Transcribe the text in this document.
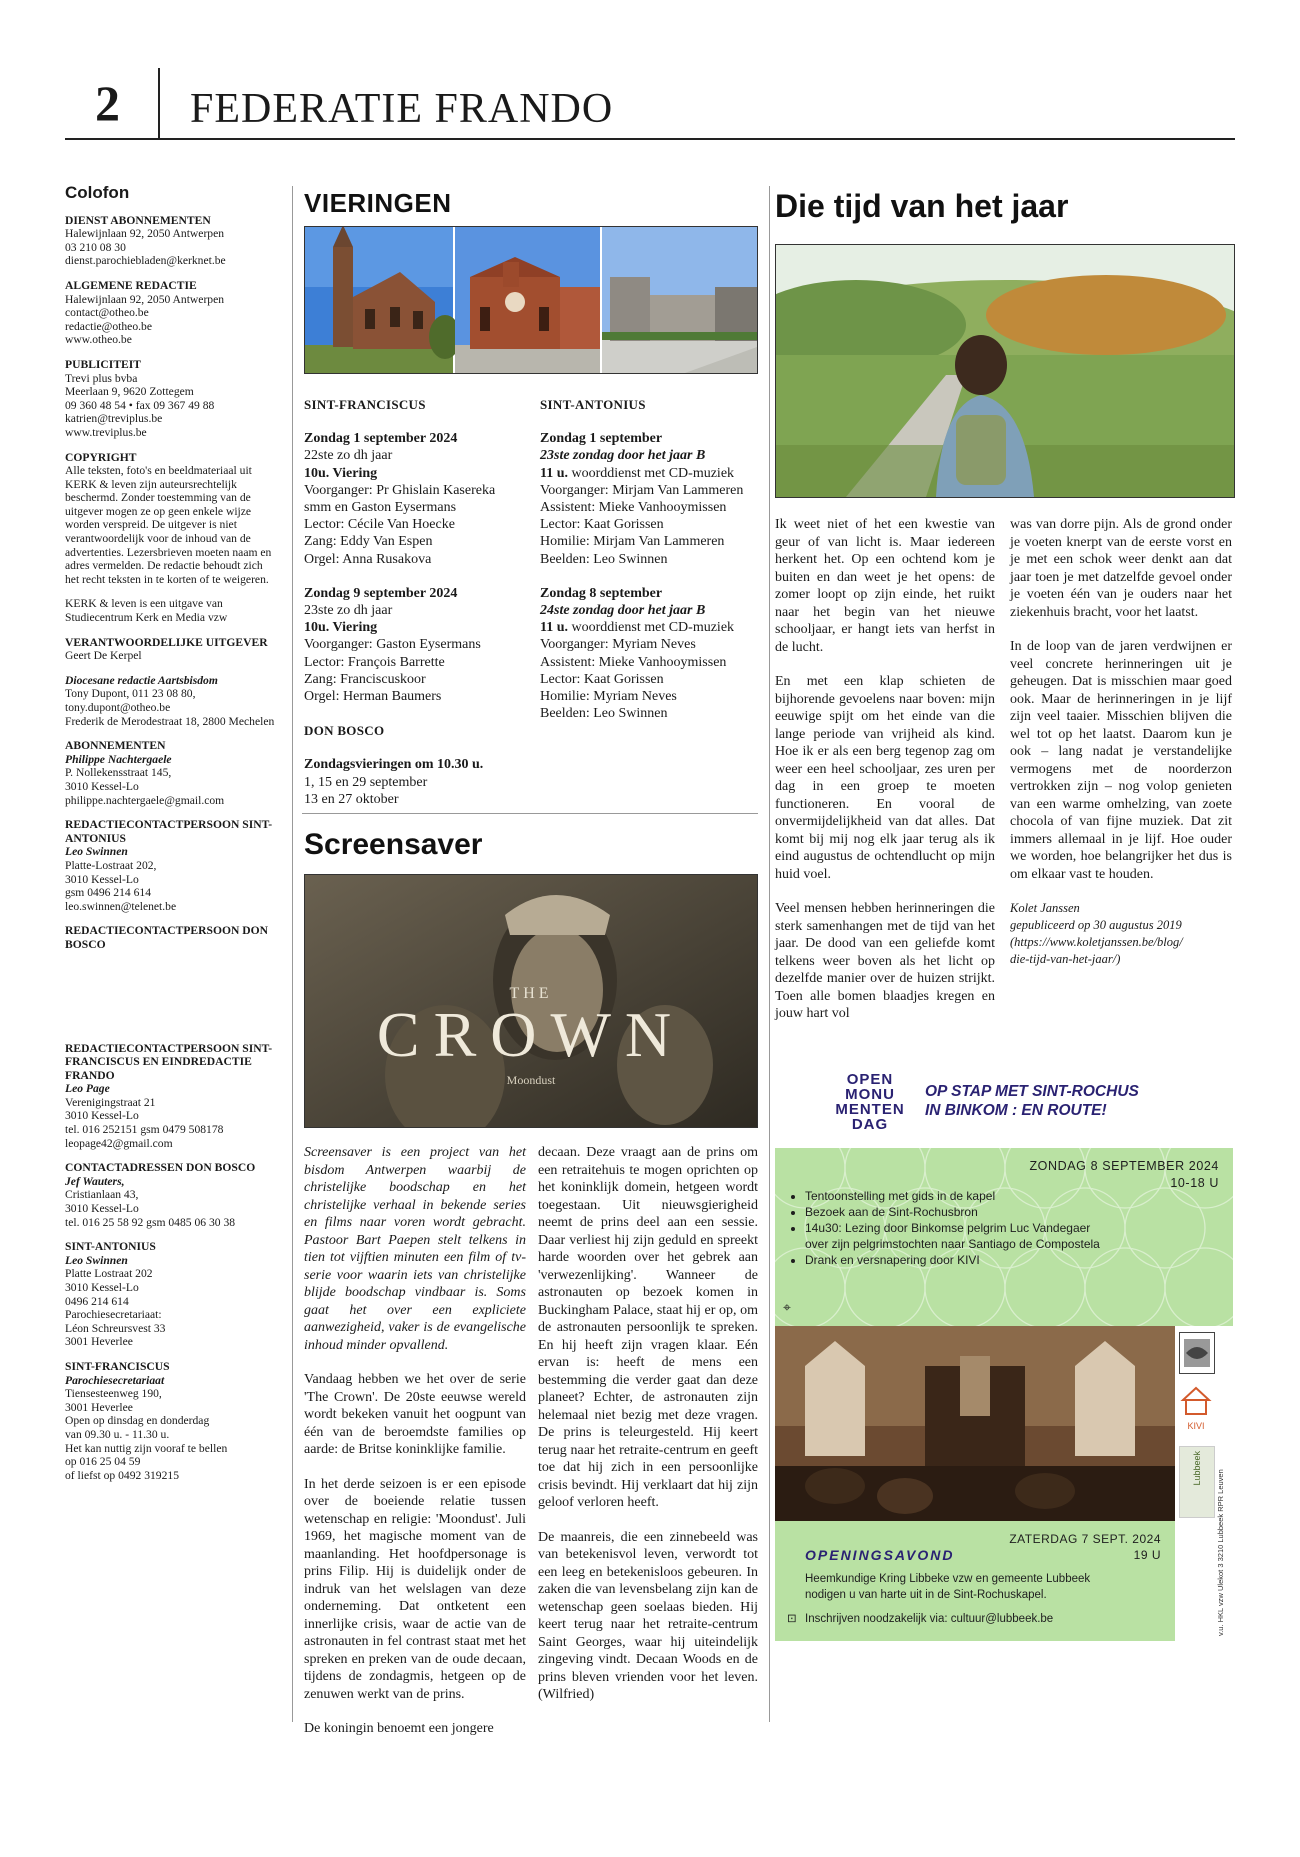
2 FEDERATIE FRANDO
Colofon
DIENST ABONNEMENTEN
Halewijnlaan 92, 2050 Antwerpen
03 210 08 30
dienst.parochiebladen@kerknet.be
ALGEMENE REDACTIE
Halewijnlaan 92, 2050 Antwerpen
contact@otheo.be
redactie@otheo.be
www.otheo.be
PUBLICITEIT
Trevi plus bvba
Meerlaan 9, 9620 Zottegem
09 360 48 54 • fax 09 367 49 88
katrien@treviplus.be
www.treviplus.be
COPYRIGHT
Alle teksten, foto's en beeldmateriaal uit
KERK & leven zijn auteursrechtelijk
beschermd. Zonder toestemming van de
uitgever mogen ze op geen enkele wijze
worden verspreid. De uitgever is niet
verantwoordelijk voor de inhoud van de
advertenties. Lezersbrieven moeten naam en
adres vermelden. De redactie behoudt zich
het recht teksten in te korten of te weigeren.
KERK & leven is een uitgave van
Studiecentrum Kerk en Media vzw
VERANTWOORDELIJKE UITGEVER
Geert De Kerpel
Diocesane redactie Aartsbisdom
Tony Dupont, 011 23 08 80,
tony.dupont@otheo.be
Frederik de Merodestraat 18, 2800 Mechelen
ABONNEMENTEN
Philippe Nachtergaele
P. Nollekensstraat 145,
3010 Kessel-Lo
philippe.nachtergaele@gmail.com
REDACTIECONTACTPERSOON SINT-ANTONIUS
Leo Swinnen
Platte-Lostraat 202,
3010 Kessel-Lo
gsm 0496 214 614
leo.swinnen@telenet.be
REDACTIECONTACTPERSOON DON BOSCO
REDACTIECONTACTPERSOON SINT-FRANCISCUS EN EINDREDACTIE FRANDO
Leo Page
Verenigingstraat 21
3010 Kessel-Lo
tel. 016 252151 gsm 0479 508178
leopage42@gmail.com
CONTACTADRESSEN DON BOSCO
Jef Wauters,
Cristianlaan 43,
3010 Kessel-Lo
tel. 016 25 58 92 gsm 0485 06 30 38
SINT-ANTONIUS
Leo Swinnen
Platte Lostraat 202
3010 Kessel-Lo
0496 214 614
Parochiesecretariaat:
Léon Schreursvest 33
3001 Heverlee
SINT-FRANCISCUS
Parochiesecretariaat
Tiensesteenweg 190,
3001 Heverlee
Open op dinsdag en donderdag
van 09.30 u. - 11.30 u.
Het kan nuttig zijn vooraf te bellen
op 016 25 04 59
of liefst op 0492 319215
VIERINGEN
SINT-FRANCISCUS
Zondag 1 september 2024
22ste zo dh jaar
10u. Viering
Voorganger: Pr Ghislain Kasereka
smm en Gaston Eysermans
Lector: Cécile Van Hoecke
Zang: Eddy Van Espen
Orgel: Anna Rusakova
Zondag 9 september 2024
23ste zo dh jaar
10u. Viering
Voorganger: Gaston Eysermans
Lector: François Barrette
Zang: Franciscuskoor
Orgel: Herman Baumers
DON BOSCO
Zondagsvieringen om 10.30 u.
1, 15 en 29 september
13 en 27 oktober
SINT-ANTONIUS
Zondag 1 september
23ste zondag door het jaar B
11 u. woorddienst met CD-muziek
Voorganger: Mirjam Van Lammeren
Assistent: Mieke Vanhooymissen
Lector: Kaat Gorissen
Homilie: Mirjam Van Lammeren
Beelden: Leo Swinnen
Zondag 8 september
24ste zondag door het jaar B
11 u. woorddienst met CD-muziek
Voorganger: Myriam Neves
Assistent: Mieke Vanhooymissen
Lector: Kaat Gorissen
Homilie: Myriam Neves
Beelden: Leo Swinnen
Screensaver
THE
CROWN
Moondust

Screensaver is een project van het bisdom Antwerpen waarbij de christelijke boodschap en het christelijke verhaal in bekende series en films naar voren wordt gebracht. Pastoor Bart Paepen stelt telkens in tien tot vijftien minuten een film of tv-serie voor waarin iets van christelijke blijde boodschap vindbaar is. Soms gaat het over een expliciete aanwezigheid, vaker is de evangelische inhoud minder opvallend.

Vandaag hebben we het over de serie 'The Crown'. De 20ste eeuwse wereld wordt bekeken vanuit het oogpunt van één van de beroemdste families op aarde: de Britse koninklijke familie.

In het derde seizoen is er een episode over de boeiende relatie tussen wetenschap en religie: 'Moondust'. Juli 1969, het magische moment van de maanlanding. Het hoofdpersonage is prins Filip. Hij is duidelijk onder de indruk van het welslagen van deze onderneming. Dat ontketent een innerlijke crisis, waar de actie van de astronauten in fel contrast staat met het spreken en preken van de oude decaan, tijdens de zondagmis, hetgeen op de zenuwen werkt van de prins.

De koningin benoemt een jongere

decaan. Deze vraagt aan de prins om een retraitehuis te mogen oprichten op het koninklijk domein, hetgeen wordt toegestaan. Uit nieuwsgierigheid neemt de prins deel aan een sessie. Daar verliest hij zijn geduld en spreekt harde woorden over het gebrek aan 'verwezenlijking'. Wanneer de astronauten op bezoek komen in Buckingham Palace, staat hij er op, om de astronauten persoonlijk te spreken. En hij heeft zijn vragen klaar. Eén ervan is: heeft de mens een bestemming die verder gaat dan deze planeet? Echter, de astronauten zijn helemaal niet bezig met deze vragen. De prins is teleurgesteld. Hij keert terug naar het retraite-centrum en geeft toe dat hij zich in een persoonlijke crisis bevindt. Hij verklaart dat hij zijn geloof verloren heeft.

De maanreis, die een zinnebeeld was van betekenisvol leven, verwordt tot een leeg en betekenisloos gebeuren. In zaken die van levensbelang zijn kan de wetenschap geen soelaas bieden. Hij keert terug naar het retraite-centrum Saint Georges, waar hij uiteindelijk zingeving vindt. Decaan Woods en de prins bleven vrienden voor het leven. (Wilfried)

Die tijd van het jaar

Ik weet niet of het een kwestie van geur of van licht is. Maar iedereen herkent het. Op een ochtend kom je buiten en dan weet je het opens: de zomer loopt op zijn einde, het ruikt naar het begin van het nieuwe schooljaar, er hangt iets van herfst in de lucht.

En met een klap schieten de bijhorende gevoelens naar boven: mijn eeuwige spijt om het einde van die lange periode van vrijheid als kind. Hoe ik er als een berg tegenop zag om weer een heel schooljaar, zes uren per dag in een groep te moeten functioneren. En vooral de onvermijdelijkheid van dat alles. Dat komt bij mij nog elk jaar terug als ik eind augustus de ochtendlucht op mijn huid voel.

Veel mensen hebben herinneringen die sterk samenhangen met de tijd van het jaar. De dood van een geliefde komt telkens weer boven als het licht op dezelfde manier over de huizen strijkt. Toen alle bomen blaadjes kregen en jouw hart vol

was van dorre pijn. Als de grond onder je voeten knerpt van de eerste vorst en je met een schok weer denkt aan dat jaar toen je met datzelfde gevoel onder je voeten één van je ouders naar het ziekenhuis bracht, voor het laatst.

In de loop van de jaren verdwijnen er veel concrete herinneringen uit je geheugen. Dat is misschien maar goed ook. Maar de herinneringen in je lijf zijn veel taaier. Misschien blijven die wel tot op het laatst. Daarom kun je ook – lang nadat je verstandelijke vermogens met de noorderzon vertrokken zijn – nog volop genieten van een warme omhelzing, van zoete chocola of van fijne muziek. Dat zit immers allemaal in je lijf. Hoe ouder we worden, hoe belangrijker het dus is om elkaar vast te houden.

Kolet Janssen
gepubliceerd op 30 augustus 2019
(https://www.koletjanssen.be/blog/
die-tijd-van-het-jaar/)
OPEN
MONU
MENTEN
DAG
OP STAP MET SINT-ROCHUS
IN BINKOM : EN ROUTE!
ZONDAG 8 SEPTEMBER 2024
10-18 U
• Tentoonstelling met gids in de kapel
• Bezoek aan de Sint-Rochusbron
• 14u30: Lezing door Binkomse pelgrim Luc Vandegaer over zijn pelgrimstochten naar Santiago de Compostela
• Drank en versnapering door KIVI

⌖

ZATERDAG 7 SEPT. 2024
19 U
OPENINGSAVOND
Heemkundige Kring Libbeke vzw en gemeente Lubbeek
nodigen u van harte uit in de Sint-Rochuskapel.
⊡ Inschrijven noodzakelijk via: cultuur@lubbeek.be
KIVI
Lubbeek
v.u. HKL vzw Ulekot 3 3210 Lubbeek RPR Leuven
